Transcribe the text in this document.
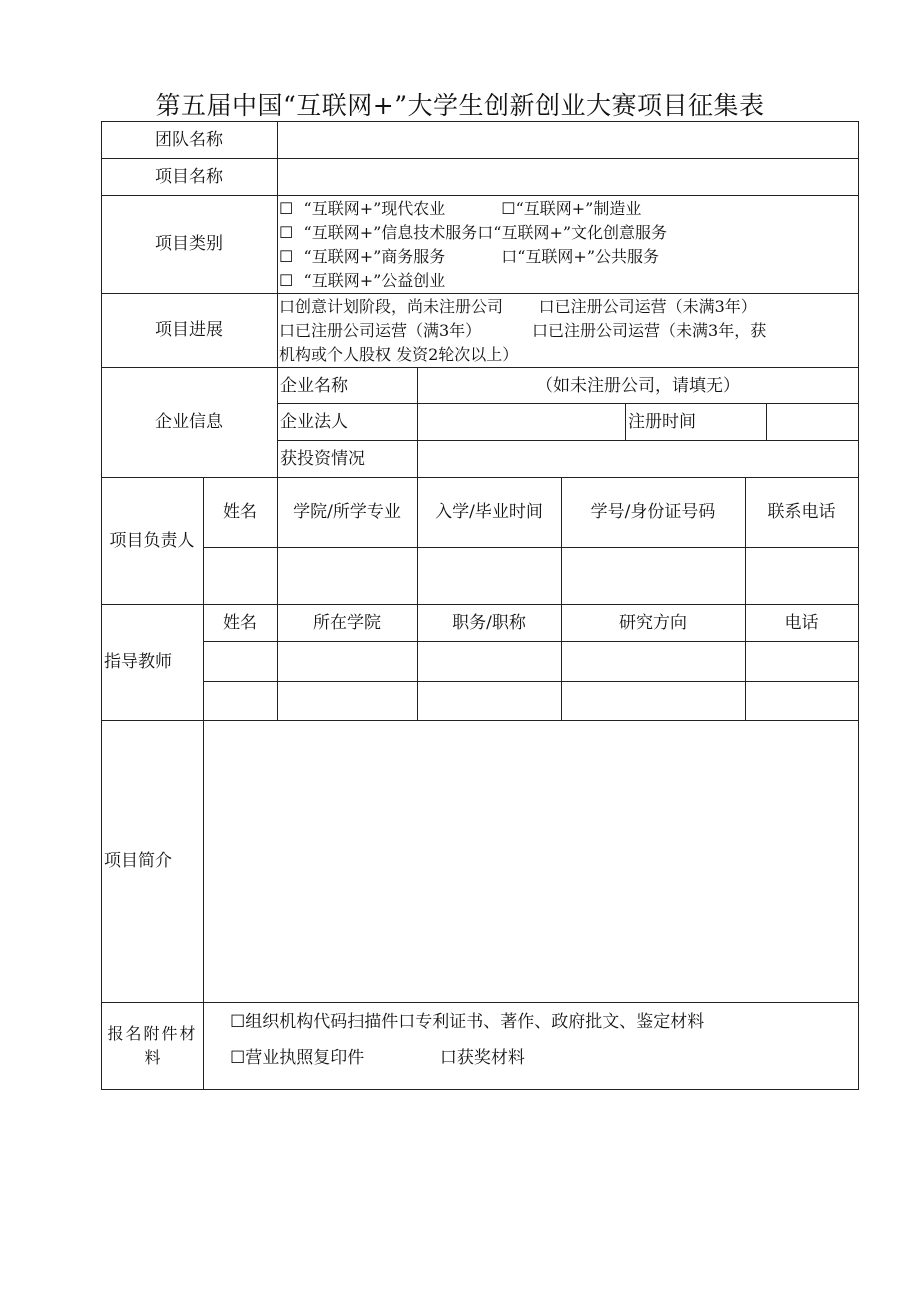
第五届中国“互联网+”大学生创新创业大赛项目征集表
团队名称
项目名称
项目类别
☐  “互联网+”现代农业           ☐“互联网+”制造业
☐  “互联网+”信息技术服务口“互联网+”文化创意服务
☐  “互联网+”商务服务           口“互联网+”公共服务
☐  “互联网+”公益创业
项目进展
口创意计划阶段，尚未注册公司       口已注册公司运营（未满3年）
口已注册公司运营（满3年）          口已注册公司运营（未满3年，获
机构或个人股权 发资2轮次以上）
企业信息
企业名称	（如未注册公司，请填无）
企业法人	注册时间
获投资情况
项目负责人
姓名	学院/所学专业	入学/毕业时间	学号/身份证号码	联系电话
指导教师
姓名	所在学院	职务/职称	研究方向	电话
项目简介
报名附件材
料
☐组织机构代码扫描件口专利证书、著作、政府批文、鉴定材料
☐营业执照复印件              口获奖材料
